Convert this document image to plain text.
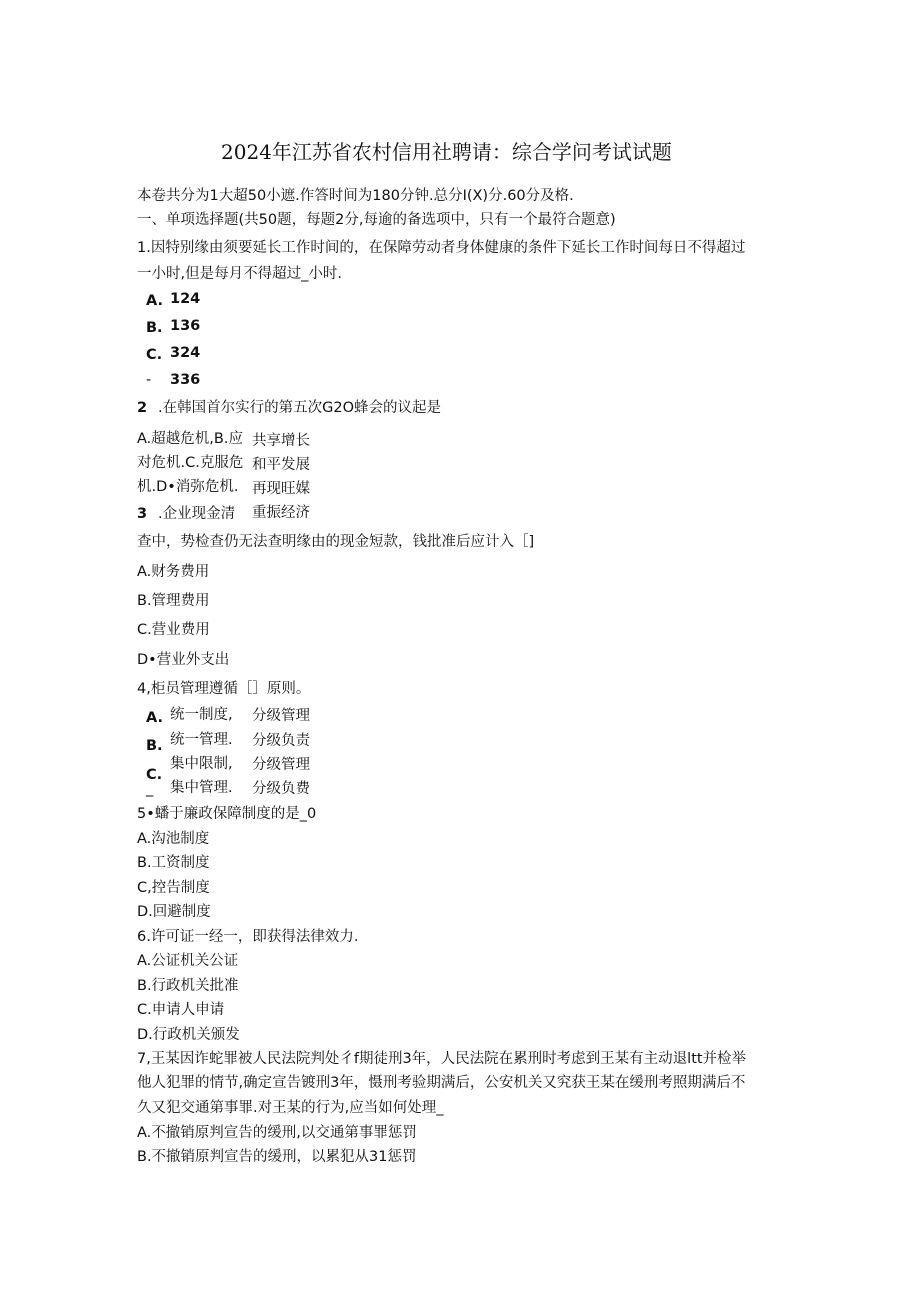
2024年江苏省农村信用社聘请：综合学问考试试题
本卷共分为1大超50小遮.作答时间为180分钟.总分I(X)分.60分及格.
一、单项选择题(共50题，每题2分,每逾的备选项中，只有一个最符合题意)
1.因特别缘由须要延长工作时间的，在保障劳动者身体健康的条件下延长工作时间每日不得超过
一小时,但是每月不得超过_小时.
A. 124
B. 136
C. 324
- 336
2 .在韩国首尔实行的第五次G2O蜂会的议起是
A.超越危机,B.应
对危机.C.克服危
机.D•消弥危机.
共享增长
和平发展
再现旺媒
重振经济
3 .企业现金清
查中，势检查仍无法查明缘由的现金短款，钱批准后应计入［]
A.财务费用
B.管理费用
C.营业费用
D•营业外支出
4,柜员管理遵循［］原则。
A. 统一制度, 分级管理
B. 统一管理. 分级负责
C.
集中限制, 分级管理
_ 集中管理. 分级负费
5•蟠于廉政保障制度的是_0
A.沟池制度
B.工资制度
C,控告制度
D.回避制度
6.许可证一经一，即获得法律效力.
A.公证机关公证
B.行政机关批准
C.申请人申请
D.行政机关颁发
7,王某因诈蛇罪被人民法院判处彳f期徒刑3年，人民法院在累刑时考虑到王某有主动退ltt并检举
他人犯罪的情节,确定宣告镀刑3年，慑刑考验期满后，公安机关又究获王某在缓刑考照期满后不
久又犯交通第事罪.对王某的行为,应当如何处理_
A.不撤销原判宣告的缓刑,以交通第事罪惩罚
B.不撤销原判宣告的缓刑，以累犯从31惩罚
